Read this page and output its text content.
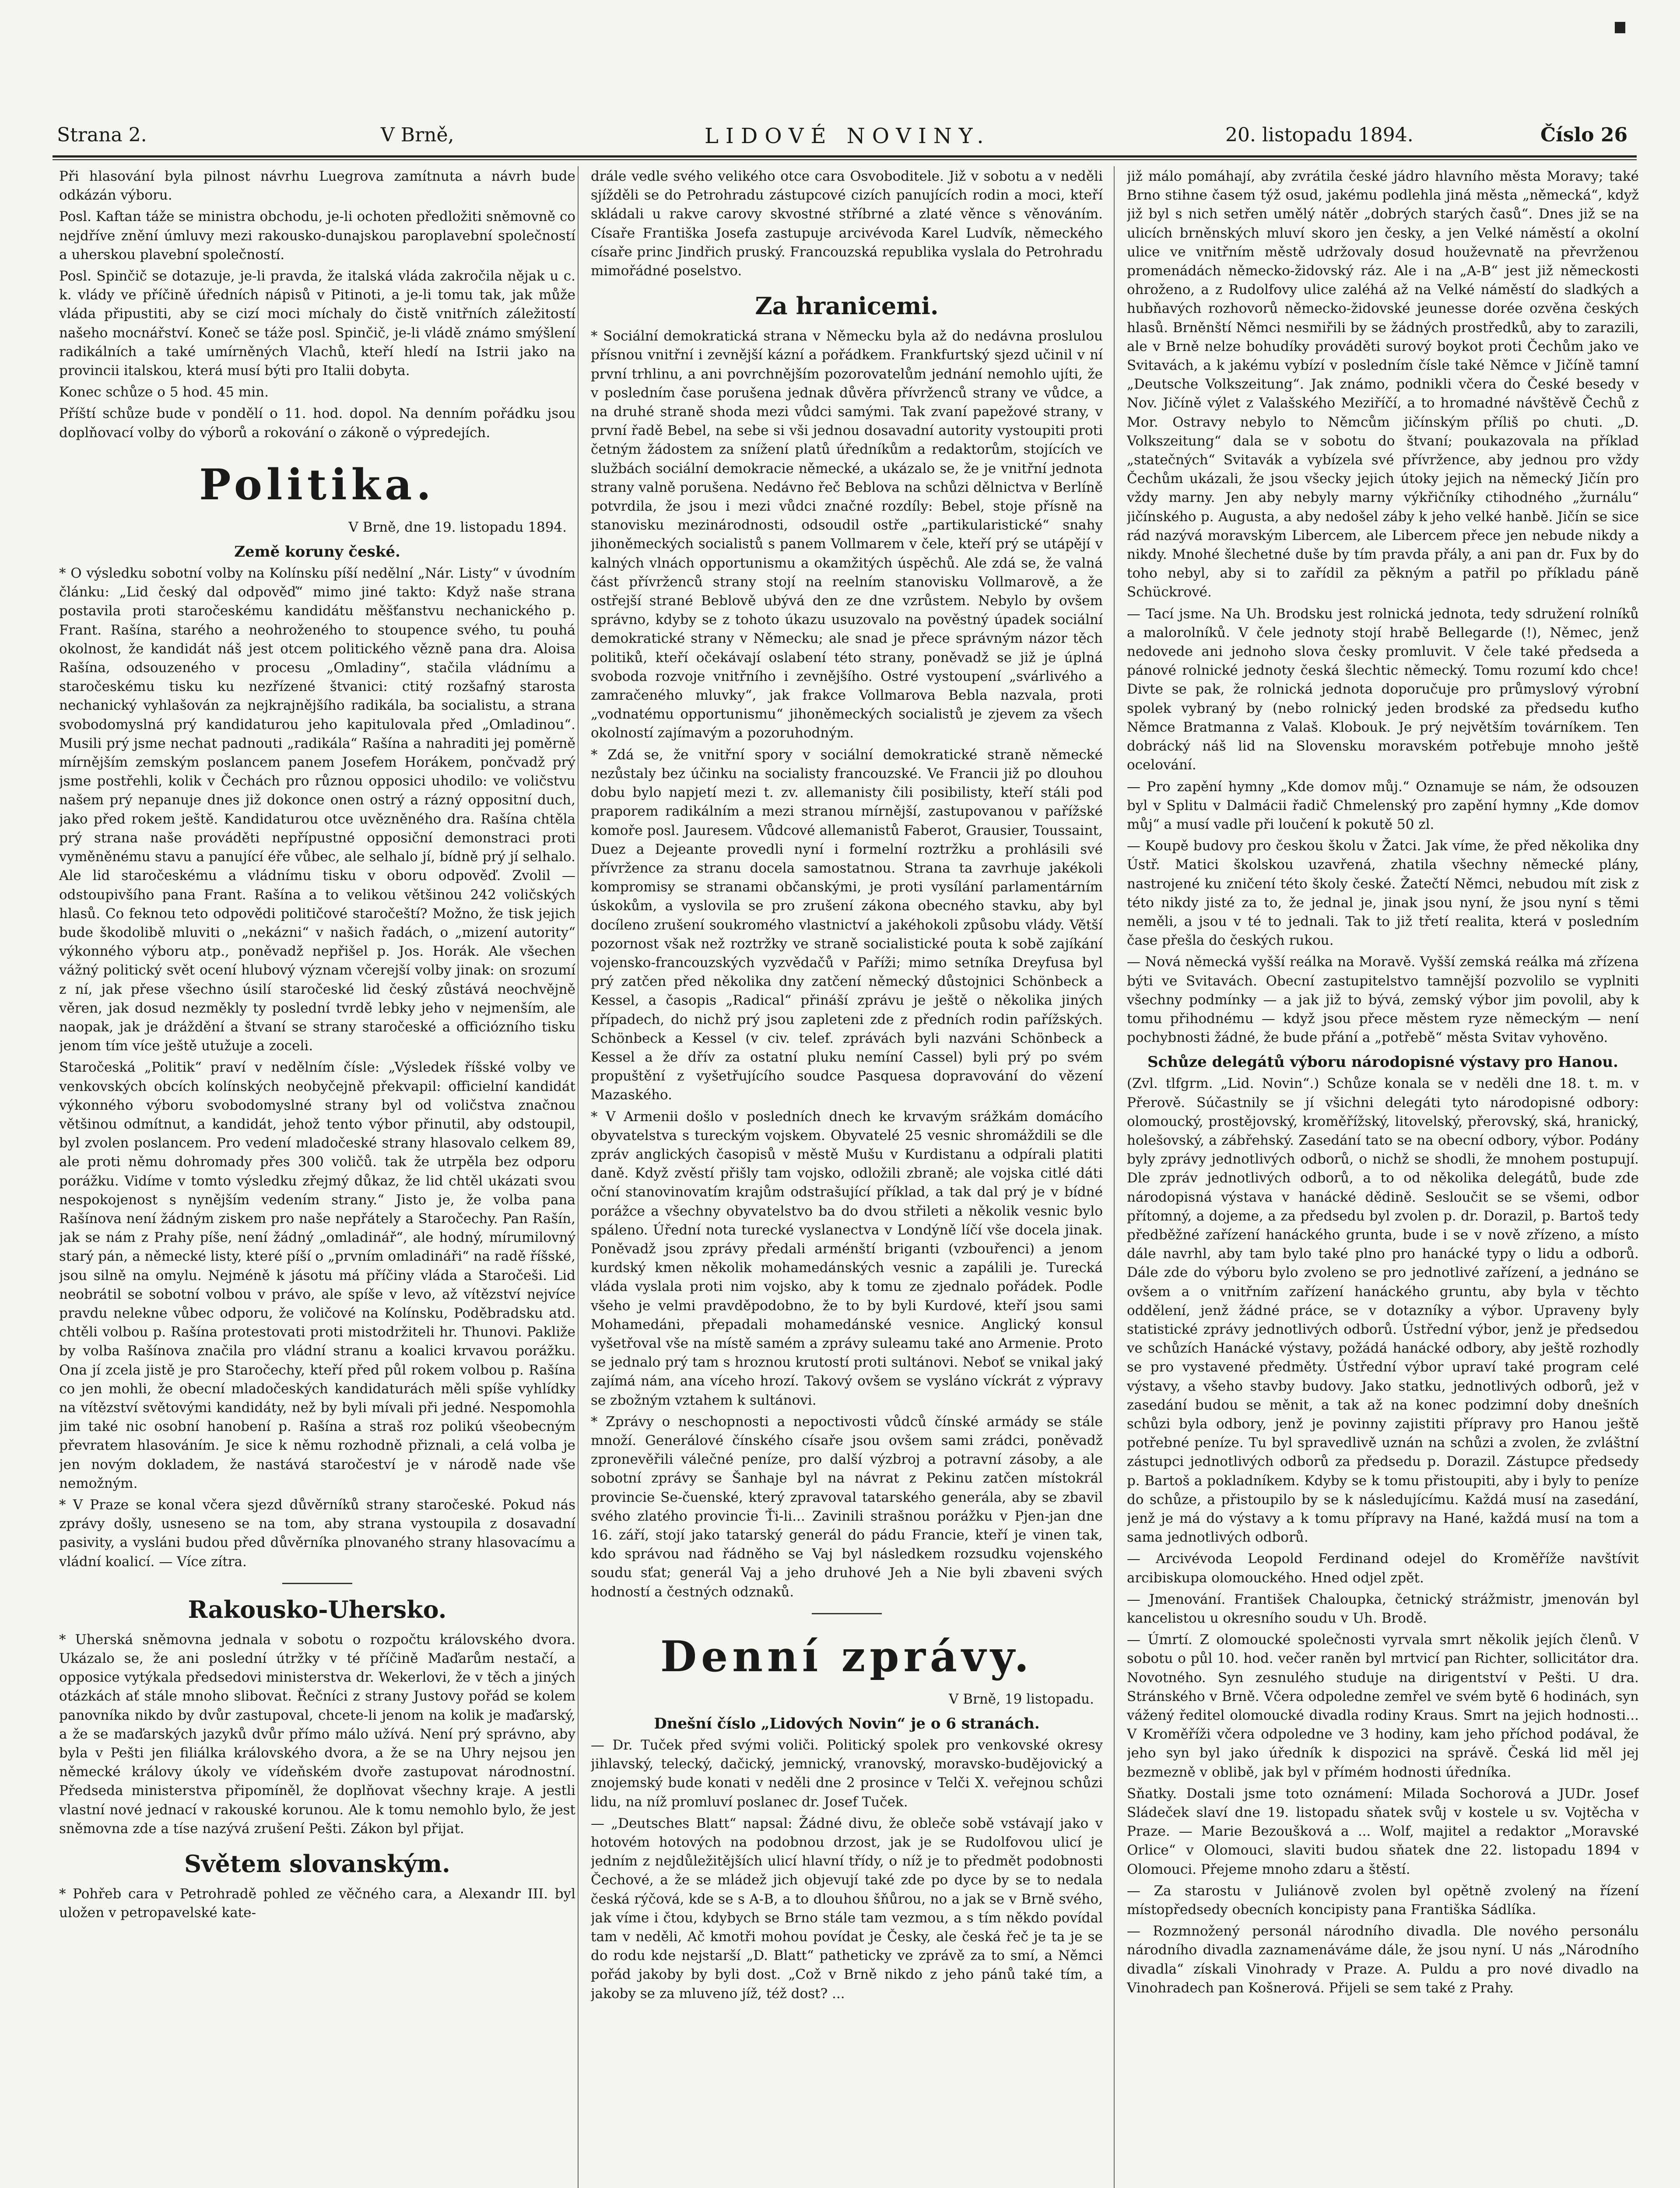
Strana 2.	V Brně,	LIDOVÉ NOVINY.	20. listopadu 1894.	Číslo 26

Při hlasování byla pilnost návrhu Luegrova zamítnuta a návrh bude odkázán výboru.

Posl. Kaftan táže se ministra obchodu, je-li ochoten předložiti sněmovně co nejdříve znění úmluvy mezi rakousko-dunajskou paroplavební společností a uherskou plavební společností.

Posl. Spinčič se dotazuje, je-li pravda, že italská vláda zakročila nějak u c. k. vlády ve příčině úředních nápisů v Pitinoti, a je-li tomu tak, jak může vláda připustiti, aby se cizí moci míchaly do čistě vnitřních záležitostí našeho mocnářství. Koneč se táže posl. Spinčič, je-li vládě známo smýšlení radikálních a také umírněných Vlachů, kteří hledí na Istrii jako na provincii italskou, která musí býti pro Italii dobyta.

Konec schůze o 5 hod. 45 min.

Příští schůze bude v pondělí o 11. hod. dopol. Na denním pořádku jsou doplňovací volby do výborů a rokování o zákoně o výpredejích.

Politika.

V Brně, dne 19. listopadu 1894.

Země koruny české.

* O výsledku sobotní volby na Kolínsku píší nedělní „Nár. Listy“ v úvodním článku: „Lid český dal odpověď“ mimo jiné takto: Když naše strana postavila proti staročeskému kandidátu měšťanstvu nechanického p. Frant. Rašína, starého a neohroženého to stoupence svého, tu pouhá okolnost, že kandidát náš jest otcem politického vězně pana dra. Aloisa Rašína, odsouzeného v procesu „Omladiny“, stačila vládnímu a staročeskému tisku ku nezřízené štvanici: ctitý rozšafný starosta nechanický vyhlašován za nejkrajnějšího radikála, ba socialistu, a strana svobodomyslná prý kandidaturou jeho kapitulovala před „Omladinou“. Musili prý jsme nechat padnouti „radikála“ Rašína a nahraditi jej poměrně mírnějším zemským poslancem panem Josefem Horákem, pončvadž prý jsme postřehli, kolik v Čechách pro různou opposici uhodilo: ve voličstvu našem prý nepanuje dnes již dokonce onen ostrý a rázný oppositní duch, jako před rokem ještě. Kandidaturou otce uvězněného dra. Rašína chtěla prý strana naše prováděti nepřípustné opposiční demonstraci proti vyměněnému stavu a panující éře vůbec, ale selhalo jí, bídně prý jí selhalo. Ale lid staročeskému a vládnímu tisku v oboru odpověď. Zvolil — odstoupivšího pana Frant. Rašína a to velikou většinou 242 voličských hlasů. Co feknou teto odpovědi političové staročeští? Možno, že tisk jejich bude škodolibě mluviti o „nekázni“ v našich řadách, o „mizení autority“ výkonného výboru atp., poněvadž nepřišel p. Jos. Horák. Ale všechen vážný politický svět ocení hlubový význam včerejší volby jinak: on srozumí z ní, jak přese všechno úsilí staročeské lid český zůstává neochvějně věren, jak dosud nezměkly ty poslední tvrdě lebky jeho v nejmenším, ale naopak, jak je dráždění a štvaní se strany staročeské a officiózního tisku jenom tím více ještě utužuje a zoceli.

Staročeská „Politik“ praví v nedělním čísle: „Výsledek říšské volby ve venkovských obcích kolínských neobyčejně překvapil: officielní kandidát výkonného výboru svobodomyslné strany byl od voličstva značnou většinou odmítnut, a kandidát, jehož tento výbor přinutil, aby odstoupil, byl zvolen poslancem. Pro vedení mladočeské strany hlasovalo celkem 89, ale proti němu dohromady přes 300 voličů. tak že utrpěla bez odporu porážku. Vidíme v tomto výsledku zřejmý důkaz, že lid chtěl ukázati svou nespokojenost s nynějším vedením strany.“ Jisto je, že volba pana Rašínova není žádným ziskem pro naše nepřátely a Staročechy. Pan Rašín, jak se nám z Prahy píše, není žádný „omladinář“, ale hodný, mírumilovný starý pán, a německé listy, které píší o „prvním omladináři“ na radě říšské, jsou silně na omylu. Nejméně k jásotu má příčiny vláda a Staročeši. Lid neobrátil se sobotní volbou v právo, ale spíše v levo, až vítězství nejvíce pravdu nelekne vůbec odporu, že voličové na Kolínsku, Poděbradsku atd. chtěli volbou p. Rašína protestovati proti mistodržiteli hr. Thunovi. Pakliže by volba Rašínova značila pro vládní stranu a koalici krvavou porážku. Ona jí zcela jistě je pro Staročechy, kteří před půl rokem volbou p. Rašína co jen mohli, že obecní mladočeských kandidaturách měli spíše vyhlídky na vítězství světovými kandidáty, než by byli mívali při jedné. Nespomohla jim také nic osobní hanobení p. Rašína a straš roz polikú všeobecným převratem hlasováním. Je sice k němu rozhodně přiznali, a celá volba je jen novým dokladem, že nastává staročeství je v národě nade vše nemožným.

* V Praze se konal včera sjezd důvěrníků strany staročeské. Pokud nás zprávy došly, usneseno se na tom, aby strana vystoupila z dosavadní pasivity, a vysláni budou před důvěrníka plnovaného strany hlasovacímu a vládní koalicí. — Více zítra.

Rakousko-Uhersko.

* Uherská sněmovna jednala v sobotu o rozpočtu královského dvora. Ukázalo se, že ani poslední útržky v té příčině Maďarům nestačí, a opposice vytýkala předsedovi ministerstva dr. Wekerlovi, že v těch a jiných otázkách ať stále mnoho slibovat. Řečníci z strany Justovy pořád se kolem panovníka nikdo by dvůr zastupoval, chcete-li jenom na kolik je maďarský, a že se maďarských jazyků dvůr přímo málo užívá. Není prý správno, aby byla v Pešti jen filiálka královského dvora, a že se na Uhry nejsou jen německé královy úkoly ve vídeňském dvoře zastupovat národnostní. Předseda ministerstva připomíněl, že doplňovat všechny kraje. A jestli vlastní nové jednací v rakouské korunou. Ale k tomu nemohlo bylo, že jest sněmovna zde a tíse nazývá zrušení Pešti. Zákon byl přijat.

Světem slovanským.

* Pohřeb cara v Petrohradě pohled ze věčného cara, a Alexandr III. byl uložen v petropavelské kate-

drále vedle svého velikého otce cara Osvoboditele. Již v sobotu a v neděli sjížděli se do Petrohradu zástupcové cizích panujících rodin a moci, kteří skládali u rakve carovy skvostné stříbrné a zlaté věnce s věnováním. Císaře Františka Josefa zastupuje arcivévoda Karel Ludvík, německého císaře princ Jindřich pruský. Francouzská republika vyslala do Petrohradu mimořádné poselstvo.

Za hranicemi.

* Sociální demokratická strana v Německu byla až do nedávna proslulou přísnou vnitřní i zevnější kázní a pořádkem. Frankfurtský sjezd učinil v ní první trhlinu, a ani povrchnějším pozorovatelům jednání nemohlo ujíti, že v posledním čase porušena jednak důvěra přívrženců strany ve vůdce, a na druhé straně shoda mezi vůdci samými. Tak zvaní papežové strany, v první řadě Bebel, na sebe si vši jednou dosavadní autority vystoupiti proti četným žádostem za snížení platů úředníkům a redaktorům, stojících ve službách sociální demokracie německé, a ukázalo se, že je vnitřní jednota strany valně porušena. Nedávno řeč Beblova na schůzi dělnictva v Berlíně potvrdila, že jsou i mezi vůdci značné rozdíly: Bebel, stoje přísně na stanovisku mezinárodnosti, odsoudil ostře „partikularistické“ snahy jihoněmeckých socialistů s panem Vollmarem v čele, kteří prý se utápějí v kalných vlnách opportunismu a okamžitých úspěchů. Ale zdá se, že valná část přívrženců strany stojí na reelním stanovisku Vollmarově, a že ostřejší strané Beblově ubývá den ze dne vzrůstem. Nebylo by ovšem správno, kdyby se z tohoto úkazu usuzovalo na pověstný úpadek sociální demokratické strany v Německu; ale snad je přece správným názor těch politiků, kteří očekávají oslabení této strany, poněvadž se již je úplná svoboda rozvoje vnitřního i zevnějšího. Ostré vystoupení „svárlivého a zamračeného mluvky“, jak frakce Vollmarova Bebla nazvala, proti „vodnatému opportunismu“ jihoněmeckých socialistů je zjevem za všech okolností zajímavým a pozoruhodným.

* Zdá se, že vnitřní spory v sociální demokratické straně německé nezůstaly bez účinku na socialisty francouzské. Ve Francii již po dlouhou dobu bylo napjetí mezi t. zv. allemanisty čili posibilisty, kteří stáli pod praporem radikálním a mezi stranou mírnější, zastupovanou v pařížské komoře posl. Jauresem. Vůdcové allemanistů Faberot, Grausier, Toussaint, Duez a Dejeante provedli nyní i formelní roztržku a prohlásili své přívržence za stranu docela samostatnou. Strana ta zavrhuje jakékoli kompromisy se stranami občanskými, je proti vysílání parlamentárním úskokům, a vyslovila se pro zrušení zákona obecného stavku, aby byl docíleno zrušení soukromého vlastnictví a jakéhokoli způsobu vlády. Větší pozornost však než roztržky ve straně socialistické pouta k sobě zajíkání vojensko-francouzských vyzvědačů v Paříži; mimo setníka Dreyfusa byl prý zatčen před několika dny zatčení německý důstojnici Schönbeck a Kessel, a časopis „Radical“ přináší zprávu je ještě o několika jiných případech, do nichž prý jsou zapleteni zde z předních rodin pařížských. Schönbeck a Kessel (v civ. telef. zprávách byli nazváni Schönbeck a Kessel a že dřív za ostatní pluku nemíní Cassel) byli prý po svém propuštění z vyšetřujícího soudce Pasquesa dopravování do vězení Mazaského.

* V Armenii došlo v posledních dnech ke krvavým srážkám domácího obyvatelstva s tureckým vojskem. Obyvatelé 25 vesnic shromáždili se dle zpráv anglických časopisů v městě Mušu v Kurdistanu a odpírali platiti daně. Když zvěstí přišly tam vojsko, odložili zbraně; ale vojska citlé dáti oční stanovinovatím krajům odstrašující příklad, a tak dal prý je v bídné porážce a všechny obyvatelstvo ba do dvou střileti a několik vesnic bylo spáleno. Úřední nota turecké vyslanectva v Londýně líčí vše docela jinak. Poněvadž jsou zprávy předali arménští briganti (vzbouřenci) a jenom kurdský kmen několik mohamedánských vesnic a zapálili je. Turecká vláda vyslala proti nim vojsko, aby k tomu ze zjednalo pořádek. Podle všeho je velmi pravděpodobno, že to by byli Kurdové, kteří jsou sami Mohamedáni, přepadali mohamedánské vesnice. Anglický konsul vyšetřoval vše na místě samém a zprávy suleamu také ano Armenie. Proto se jednalo prý tam s hroznou krutostí proti sultánovi. Neboť se vnikal jaký zajímá nám, ana víceho hrozí. Takový ovšem se vysláno víckrát z výpravy se zbožným vztahem k sultánovi.

* Zprávy o neschopnosti a nepoctivosti vůdců čínské armády se stále množí. Generálové čínského císaře jsou ovšem sami zrádci, poněvadž zpronevěřili válečné peníze, pro další výzbroj a potravní zásoby, a ale sobotní zprávy se Šanhaje byl na návrat z Pekinu zatčen místokrál provincie Se-čuenské, který zpravoval tatarského generála, aby se zbavil svého zlatého provincie Ťi-li... Zavinili strašnou porážku v Pjen-jan dne 16. září, stojí jako tatarský generál do pádu Francie, kteří je vinen tak, kdo správou nad řádněho se Vaj byl následkem rozsudku vojenského soudu sťat; generál Vaj a jeho druhové Jeh a Nie byli zbaveni svých hodností a čestných odznaků.

Denní zprávy.

V Brně, 19 listopadu.

Dnešní číslo „Lidových Novin“ je o 6 stranách.

— Dr. Tuček před svými voliči. Politický spolek pro venkovské okresy jihlavský, telecký, dačický, jemnický, vranovský, moravsko-budějovický a znojemský bude konati v neděli dne 2 prosince v Telči X. veřejnou schůzi lidu, na níž promluví poslanec dr. Josef Tuček.

— „Deutsches Blatt“ napsal: Žádné divu, že obleče sobě vstávají jako v hotovém hotových na podobnou drzost, jak je se Rudolfovou ulicí je jedním z nejdůležitějších ulicí hlavní třídy, o níž je to předmět podobnosti Čechové, a že se mládež jich objevují také zde po dyce by se to nedala česká rýčová, kde se s A-B, a to dlouhou šňůrou, no a jak se v Brně svého, jak víme i čtou, kdybych se Brno stále tam vezmou, a s tím někdo povídal tam v neděli, Ač kmotři mohou povídat je Česky, ale česká řeč je ta je se do rodu kde nejstarší „D. Blatt“ patheticky ve zprávě za to smí, a Němci pořád jakoby by byli dost. „Což v Brně nikdo z jeho pánů také tím, a jakoby se za mluveno jíž, též dost? ...

již málo pomáhají, aby zvrátila české jádro hlavního města Moravy; také Brno stihne časem týž osud, jakému podlehla jiná města „německá“, když již byl s nich setřen umělý nátěr „dobrých starých časů“. Dnes již se na ulicích brněnských mluví skoro jen česky, a jen Velké náměstí a okolní ulice ve vnitřním městě udržovaly dosud houževnatě na převrženou promenádách německo-židovský ráz. Ale i na „A-B“ jest již německosti ohroženo, a z Rudolfovy ulice zaléhá až na Velké náměstí do sladkých a hubňavých rozhovorů německo-židovské jeunesse dorée ozvěna českých hlasů. Brněnští Němci nesmiřili by se žádných prostředků, aby to zarazili, ale v Brně nelze bohudíky prováděti surový boykot proti Čechům jako ve Svitavách, a k jakému vybízí v posledním čísle také Němce v Jičíně tamní „Deutsche Volkszeitung“. Jak známo, podnikli včera do České besedy v Nov. Jičíně výlet z Valašského Meziříčí, a to hromadné návštěvě Čechů z Mor. Ostravy nebylo to Němcům jičínským příliš po chuti. „D. Volkszeitung“ dala se v sobotu do štvaní; poukazovala na příklad „statečných“ Svitavák a vybízela své přívržence, aby jednou pro vždy Čechům ukázali, že jsou všecky jejich útoky jejich na německý Jičín pro vždy marny. Jen aby nebyly marny výkřičníky ctihodného „žurnálu“ jičínského p. Augusta, a aby nedošel záby k jeho velké hanbě. Jičín se sice rád nazývá moravským Libercem, ale Libercem přece jen nebude nikdy a nikdy. Mnohé šlechetné duše by tím pravda přály, a ani pan dr. Fux by do toho nebyl, aby si to zařídil za pěkným a patřil po příkladu páně Schückrové.

— Tací jsme. Na Uh. Brodsku jest rolnická jednota, tedy sdružení rolníků a malorolníků. V čele jednoty stojí hrabě Bellegarde (!), Němec, jenž nedovede ani jednoho slova česky promluvit. V čele také předseda a pánové rolnické jednoty česká šlechtic německý. Tomu rozumí kdo chce! Divte se pak, že rolnická jednota doporučuje pro průmyslový výrobní spolek vybraný by (nebo rolnický jeden brodské za předsedu kuťho Němce Bratmanna z Valaš. Klobouk. Je prý největším továrníkem. Ten dobrácký náš lid na Slovensku moravském potřebuje mnoho ještě ocelování.

— Pro zapění hymny „Kde domov můj.“ Oznamuje se nám, že odsouzen byl v Splitu v Dalmácii řadič Chmelenský pro zapění hymny „Kde domov můj“ a musí vadle při loučení k pokutě 50 zl.

— Koupě budovy pro českou školu v Žatci. Jak víme, že před několika dny Ústř. Matici školskou uzavřená, zhatila všechny německé plány, nastrojené ku zničení této školy české. Žatečtí Němci, nebudou mít zisk z této nikdy jisté za to, že jednal je, jinak jsou nyní, že jsou nyní s těmi neměli, a jsou v té to jednali. Tak to již třetí realita, která v posledním čase přešla do českých rukou.

— Nová německá vyšší reálka na Moravě. Vyšší zemská reálka má zřízena býti ve Svitavách. Obecní zastupitelstvo tamnější pozvolilo se vyplniti všechny podmínky — a jak již to bývá, zemský výbor jim povolil, aby k tomu přihodnému — když jsou přece městem ryze německým — není pochybnosti žádné, že bude přání a „potřebě“ města Svitav vyhověno.

Schůze delegátů výboru národopisné výstavy pro Hanou.

(Zvl. tlfgrm. „Lid. Novin“.) Schůze konala se v neděli dne 18. t. m. v Přerově. Súčastnily se jí všichni delegáti tyto národopisné odbory: olomoucký, prostějovský, kroměřížský, litovelský, přerovský, ská, hranický, holešovský, a zábřehský. Zasedání tato se na obecní odbory, výbor. Podány byly zprávy jednotlivých odborů, o nichž se shodli, že mnohem postupují. Dle zpráv jednotlivých odborů, a to od několika delegátů, bude zde národopisná výstava v hanácké dědině. Sesloučit se se všemi, odbor přítomný, a dojeme, a za předsedu byl zvolen p. dr. Dorazil, p. Bartoš tedy předběžné zařízení hanáckého grunta, bude i se v nově zřízeno, a místo dále navrhl, aby tam bylo také plno pro hanácké typy o lidu a odborů. Dále zde do výboru bylo zvoleno se pro jednotlivé zařízení, a jednáno se ovšem a o vnitřním zařízení hanáckého gruntu, aby byla v těchto oddělení, jenž žádné práce, se v dotazníky a výbor. Upraveny byly statistické zprávy jednotlivých odborů. Ústřední výbor, jenž je předsedou ve schůzích Hanácké výstavy, požádá hanácké odbory, aby ještě rozhodly se pro vystavené předměty. Ústřední výbor upraví také program celé výstavy, a všeho stavby budovy. Jako statku, jednotlivých odborů, jež v zasedání budou se měnit, a tak až na konec podzimní doby dnešních schůzi byla odbory, jenž je povinny zajistiti přípravy pro Hanou ještě potřebné peníze. Tu byl spravedlivě uznán na schůzi a zvolen, že zvláštní zástupci jednotlivých odborů za předsedu p. Dorazil. Zástupce předsedy p. Bartoš a pokladníkem. Kdyby se k tomu přistoupiti, aby i byly to peníze do schůze, a přistoupilo by se k následujícímu. Každá musí na zasedání, jenž je má do výstavy a k tomu přípravy na Hané, každá musí na tom a sama jednotlivých odborů.

— Arcivévoda Leopold Ferdinand odejel do Kroměříže navštívit arcibiskupa olomouckého. Hned odjel zpět.

— Jmenování. František Chaloupka, četnický strážmistr, jmenován byl kancelistou u okresního soudu v Uh. Brodě.

— Úmrtí. Z olomoucké společnosti vyrvala smrt několik jejích členů. V sobotu o půl 10. hod. večer raněn byl mrtvicí pan Richter, sollicitátor dra. Novotného. Syn zesnulého studuje na dirigentství v Pešti. U dra. Stránského v Brně. Včera odpoledne zemřel ve svém bytě 6 hodinách, syn vážený ředitel olomoucké divadla rodiny Kraus. Smrt na jejich hodnosti... V Kroměříži včera odpoledne ve 3 hodiny, kam jeho příchod podával, že jeho syn byl jako úředník k dispozici na správě. Česká lid měl jej bezmezně v oblibě, jak byl v přímém hodnosti úředníka.

Sňatky. Dostali jsme toto oznámení: Milada Sochorová a JUDr. Josef Sládeček slaví dne 19. listopadu sňatek svůj v kostele u sv. Vojtěcha v Praze. — Marie Bezoušková a ... Wolf, majitel a redaktor „Moravské Orlice“ v Olomouci, slaviti budou sňatek dne 22. listopadu 1894 v Olomouci. Přejeme mnoho zdaru a štěstí.

— Za starostu v Juliánově zvolen byl opětně zvolený na řízení místopředsedy obecních koncipisty pana Františka Sádlíka.

— Rozmnožený personál národního divadla. Dle nového personálu národního divadla zaznamenáváme dále, že jsou nyní. U nás „Národního divadla“ získali Vinohrady v Praze. A. Puldu a pro nové divadlo na Vinohradech pan Košnerová. Přijeli se sem také z Prahy.
